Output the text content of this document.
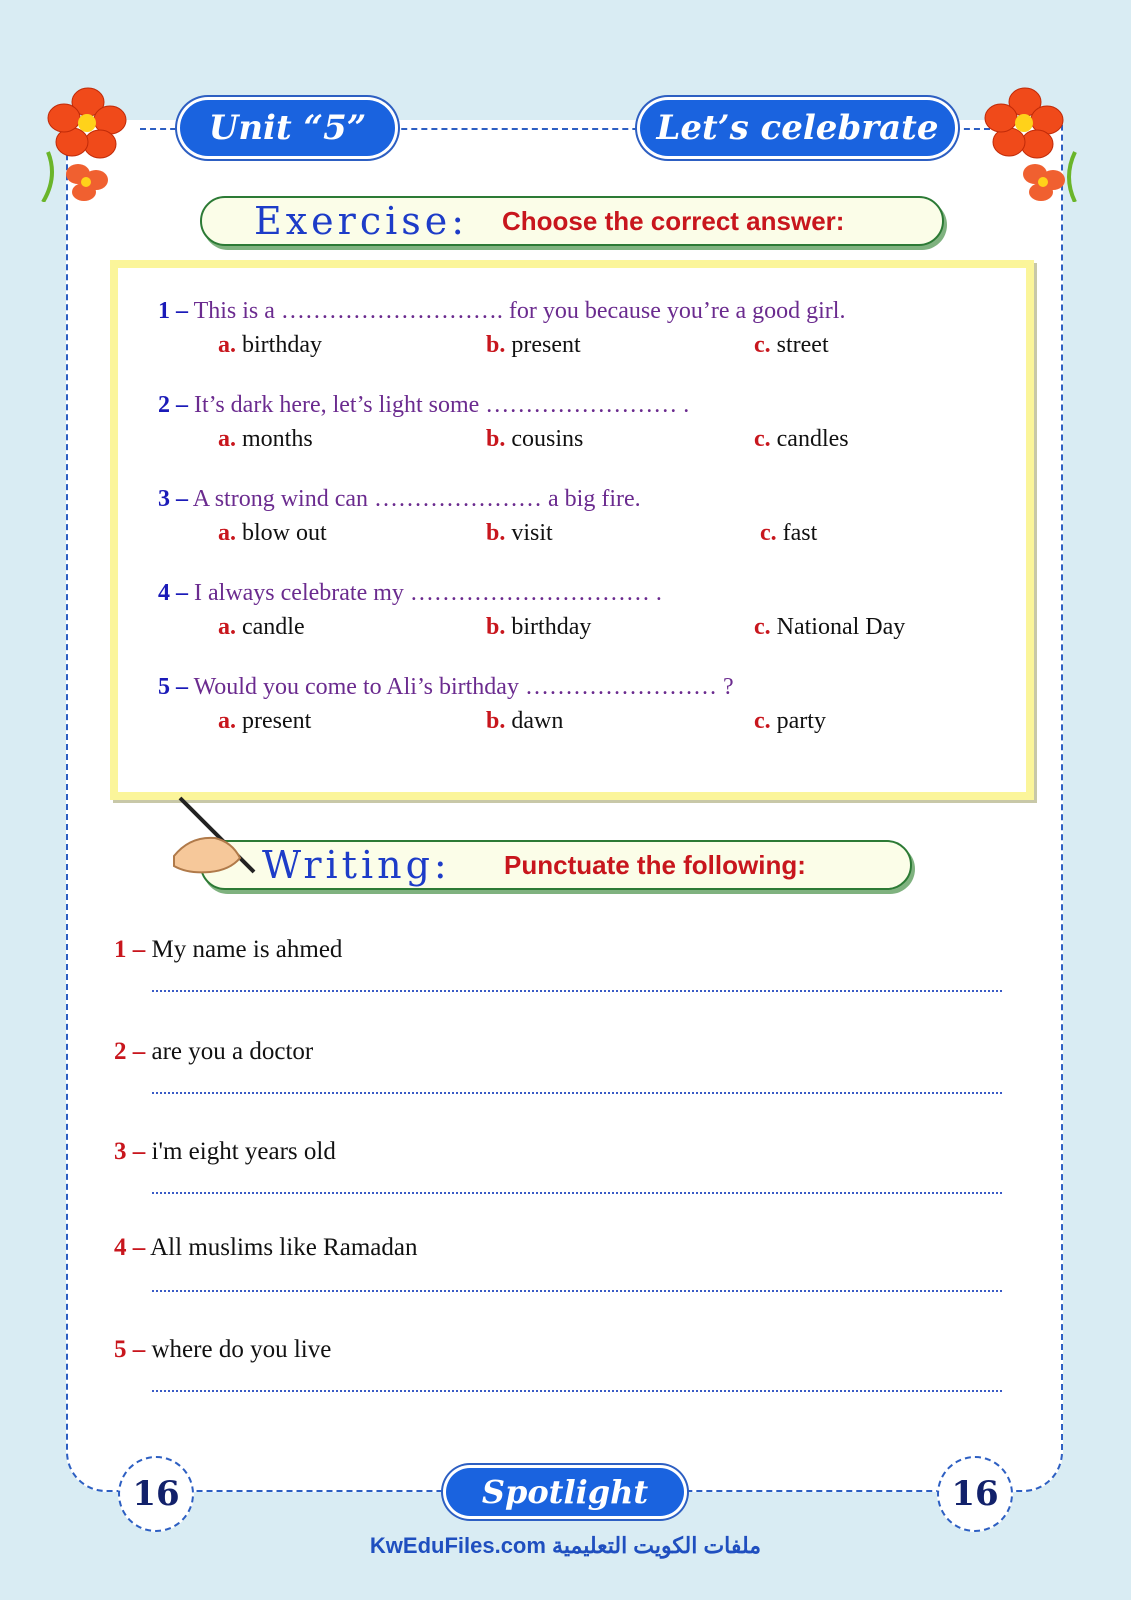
Unit “5”	Let’s celebrate
Exercise: Choose the correct answer:
1 – This is a ………………………. for you because you’re a good girl.
a. birthday	b. present	c. street
2 – It’s dark here, let’s light some …………………… .
a. months	b. cousins	c. candles
3 – A strong wind can ………………… a big fire.
a. blow out	b. visit	c. fast
4 – I always celebrate my ………………………… .
a. candle	b. birthday	c. National Day
5 – Would you come to Ali’s birthday …………………… ?
a. present	b. dawn	c. party
Writing: Punctuate the following:
1 – My name is ahmed
2 – are you a doctor
3 – i'm eight years old
4 – All muslims like Ramadan
5 – where do you live
16	Spotlight	16
KwEduFiles.com ملفات الكويت التعليمية
